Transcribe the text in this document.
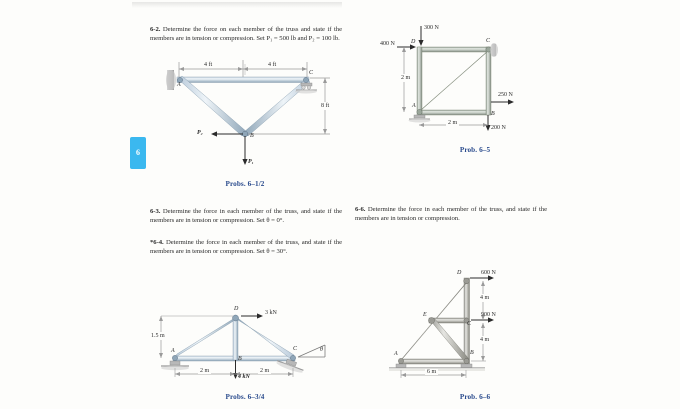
6
6-2. Determine the force on each member of the truss and state if the members are in tension or compression. Set P₁ = 500 lb and P₂ = 100 lb.
4 ft	4 ft
8 ft
A
C
B
P₁
P₂
Probs. 6–1/2
300 N
400 N
250 N
200 N
2 m
2 m
D	C
A
B
Prob. 6–5
6-3. Determine the force in each member of the truss, and state if the members are in tension or compression. Set θ = 0°.
*6-4. Determine the force in each member of the truss, and state if the members are in tension or compression. Set θ = 30°.
6-6. Determine the force in each member of the truss, and state if the members are in tension or compression.
1.5 m
2 m	2 m
3 kN
4 kN
D
A
B
C	θ
Probs. 6–3/4
600 N
900 N
4 m
4 m
6 m
D
E
C
A	B
Prob. 6–6
